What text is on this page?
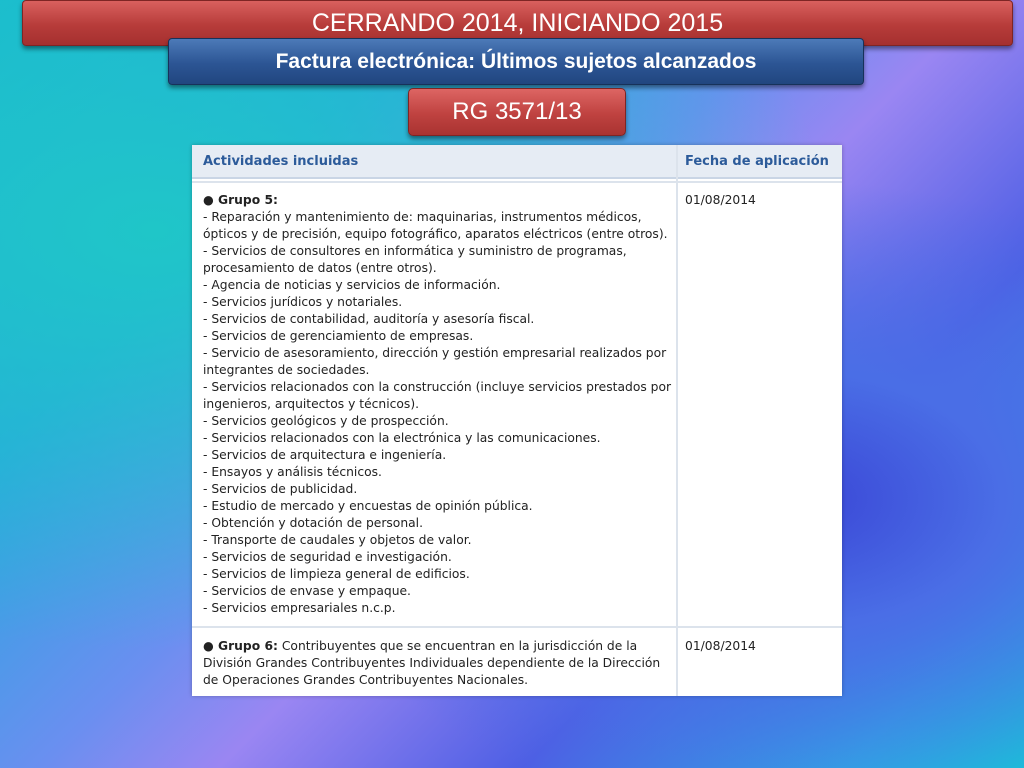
CERRANDO 2014, INICIANDO 2015
Factura electrónica: Últimos sujetos alcanzados
RG 3571/13
Actividades incluidas	Fecha de aplicación
● Grupo 5:
- Reparación y mantenimiento de: maquinarias, instrumentos médicos,
ópticos y de precisión, equipo fotográfico, aparatos eléctricos (entre otros).
- Servicios de consultores en informática y suministro de programas,
procesamiento de datos (entre otros).
- Agencia de noticias y servicios de información.
- Servicios jurídicos y notariales.
- Servicios de contabilidad, auditoría y asesoría fiscal.
- Servicios de gerenciamiento de empresas.
- Servicio de asesoramiento, dirección y gestión empresarial realizados por
integrantes de sociedades.
- Servicios relacionados con la construcción (incluye servicios prestados por
ingenieros, arquitectos y técnicos).
- Servicios geológicos y de prospección.
- Servicios relacionados con la electrónica y las comunicaciones.
- Servicios de arquitectura e ingeniería.
- Ensayos y análisis técnicos.
- Servicios de publicidad.
- Estudio de mercado y encuestas de opinión pública.
- Obtención y dotación de personal.
- Transporte de caudales y objetos de valor.
- Servicios de seguridad e investigación.
- Servicios de limpieza general de edificios.
- Servicios de envase y empaque.
- Servicios empresariales n.c.p.
01/08/2014
● Grupo 6: Contribuyentes que se encuentran en la jurisdicción de la
División Grandes Contribuyentes Individuales dependiente de la Dirección
de Operaciones Grandes Contribuyentes Nacionales.
01/08/2014
